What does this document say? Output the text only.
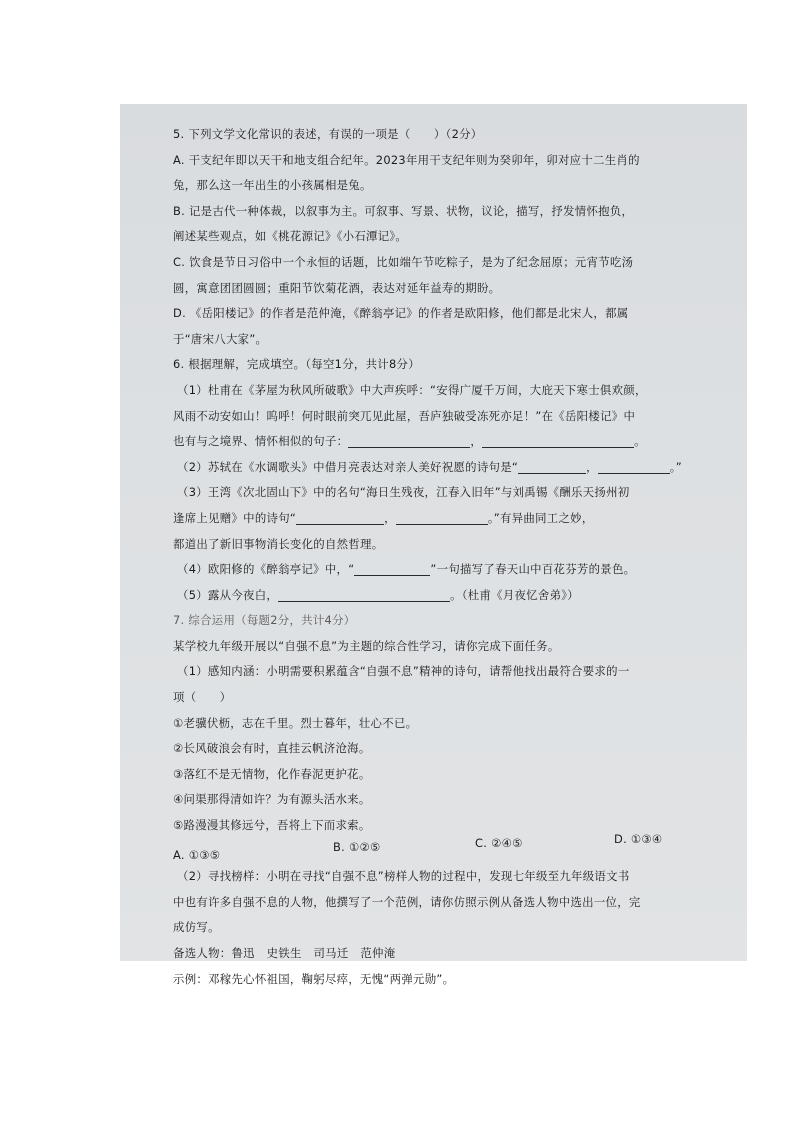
5. 下列文学文化常识的表述，有误的一项是（　　）（2分）
A. 干支纪年即以天干和地支组合纪年。2023年用干支纪年则为癸卯年，卯对应十二生肖的
兔，那么这一年出生的小孩属相是兔。
B. 记是古代一种体裁，以叙事为主。可叙事、写景、状物，议论，描写，抒发情怀抱负，
阐述某些观点，如《桃花源记》《小石潭记》。
C. 饮食是节日习俗中一个永恒的话题，比如端午节吃粽子，是为了纪念屈原；元宵节吃汤
圆，寓意团团圆圆；重阳节饮菊花酒，表达对延年益寿的期盼。
D. 《岳阳楼记》的作者是范仲淹，《醉翁亭记》的作者是欧阳修，他们都是北宋人，都属
于“唐宋八大家”。
6. 根据理解，完成填空。（每空1分，共计8分）
（1）杜甫在《茅屋为秋风所破歌》中大声疾呼：“安得广厦千万间，大庇天下寒士俱欢颜，
风雨不动安如山！呜呼！何时眼前突兀见此屋，吾庐独破受冻死亦足！”在《岳阳楼记》中
也有与之境界、情怀相似的句子：	，	。
（2）苏轼在《水调歌头》中借月亮表达对亲人美好祝愿的诗句是“	，	。”
（3）王湾《次北固山下》中的名句“海日生残夜，江春入旧年”与刘禹锡《酬乐天扬州初
逢席上见赠》中的诗句“	，	。”有异曲同工之妙，
都道出了新旧事物消长变化的自然哲理。
（4）欧阳修的《醉翁亭记》中，“	”一句描写了春天山中百花芬芳的景色。
（5）露从今夜白，	。（杜甫《月夜忆舍弟》）
7. 综合运用（每题2分，共计4分）
某学校九年级开展以“自强不息”为主题的综合性学习，请你完成下面任务。
（1）感知内涵：小明需要积累蕴含“自强不息”精神的诗句，请帮他找出最符合要求的一
项（　　）
①老骥伏枥，志在千里。烈士暮年，壮心不已。
②长风破浪会有时，直挂云帆济沧海。
③落红不是无情物，化作春泥更护花。
④问渠那得清如许？为有源头活水来。
⑤路漫漫其修远兮，吾将上下而求索。
A. ①③⑤
B. ①②⑤	C. ②④⑤	D. ①③④
（2）寻找榜样：小明在寻找“自强不息”榜样人物的过程中，发现七年级至九年级语文书
中也有许多自强不息的人物，他撰写了一个范例，请你仿照示例从备选人物中选出一位，完
成仿写。
备选人物：鲁迅 史铁生 司马迁 范仲淹
示例：邓稼先心怀祖国，鞠躬尽瘁，无愧“两弹元勋”。
